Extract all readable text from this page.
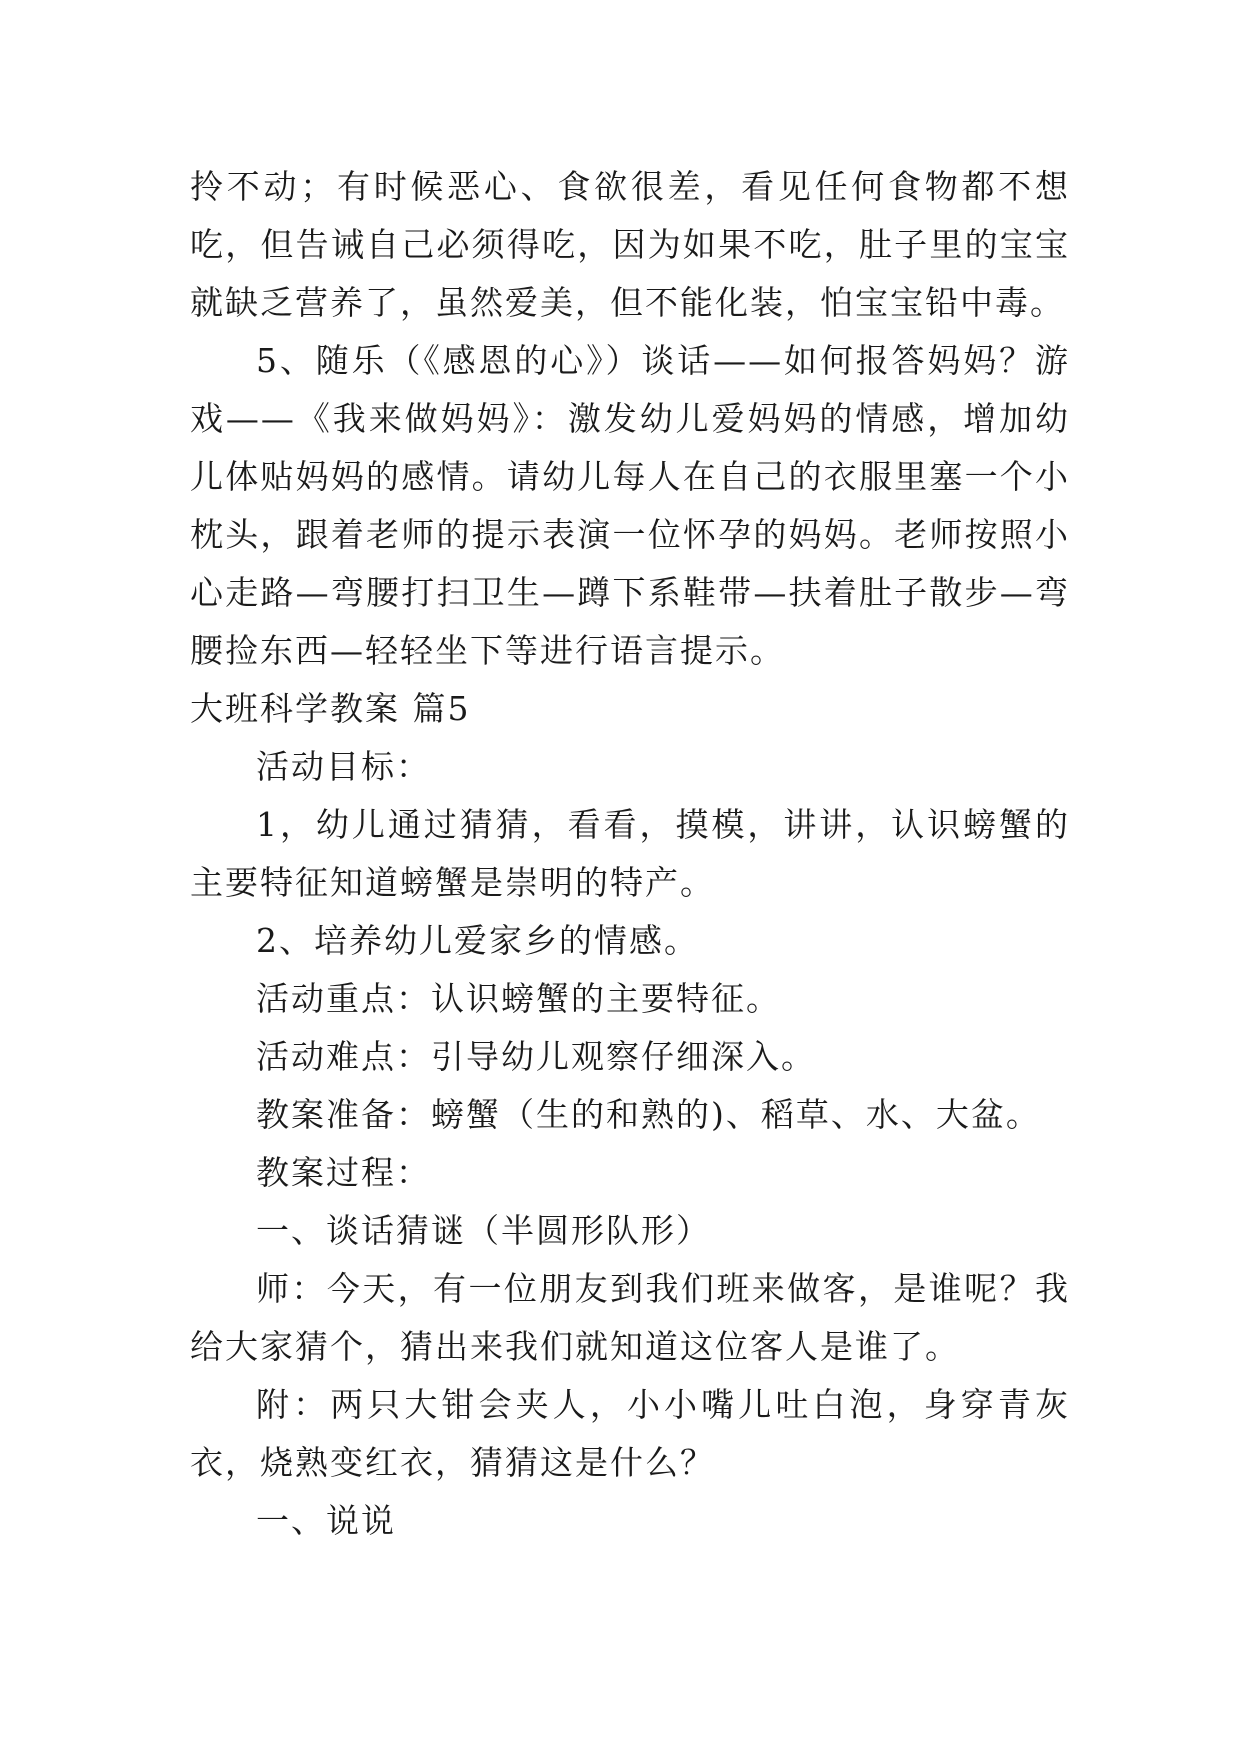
拎不动；有时候恶心、食欲很差，看见任何食物都不想吃，但告诫自己必须得吃，因为如果不吃，肚子里的宝宝就缺乏营养了，虽然爱美，但不能化装，怕宝宝铅中毒。

5、随乐（《感恩的心》）谈话——如何报答妈妈？游戏——《我来做妈妈》：激发幼儿爱妈妈的情感，增加幼儿体贴妈妈的感情。请幼儿每人在自己的衣服里塞一个小枕头，跟着老师的提示表演一位怀孕的妈妈。老师按照小心走路—弯腰打扫卫生—蹲下系鞋带—扶着肚子散步—弯腰捡东西—轻轻坐下等进行语言提示。

大班科学教案 篇5

活动目标：

1，幼儿通过猜猜，看看，摸模，讲讲，认识螃蟹的主要特征知道螃蟹是崇明的特产。

2、培养幼儿爱家乡的情感。

活动重点：认识螃蟹的主要特征。

活动难点：引导幼儿观察仔细深入。

教案准备：螃蟹（生的和熟的)、稻草、水、大盆。

教案过程：

一、谈话猜谜（半圆形队形）

师：今天，有一位朋友到我们班来做客，是谁呢？我给大家猜个，猜出来我们就知道这位客人是谁了。

附：两只大钳会夹人，小小嘴儿吐白泡，身穿青灰衣，烧熟变红衣，猜猜这是什么？

一、说说
